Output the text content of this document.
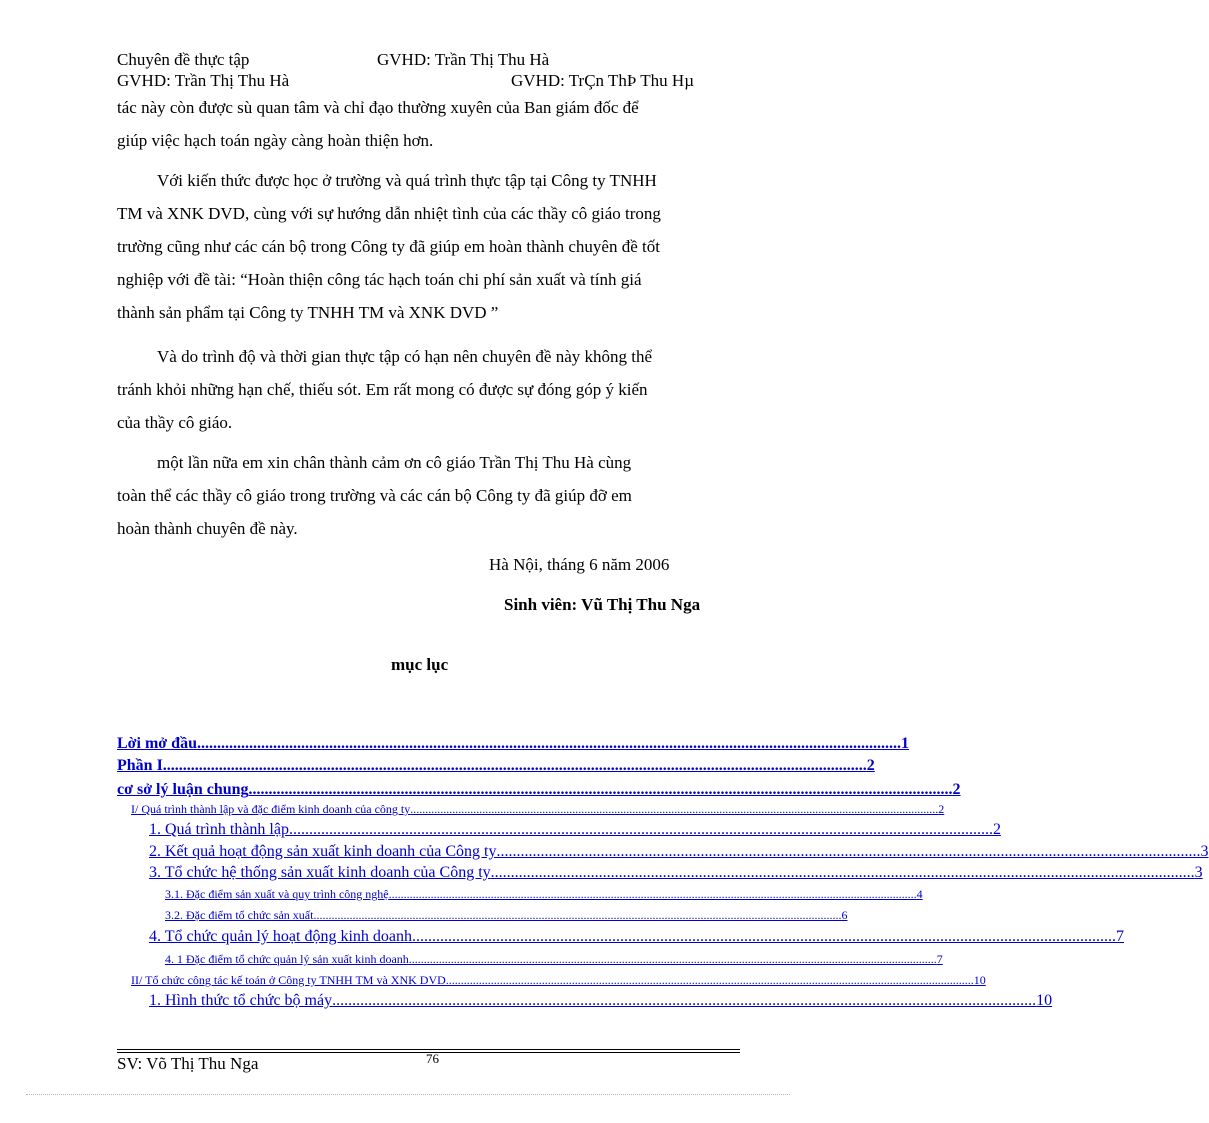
Chuyên đề thực tập	GVHD: Trần Thị Thu Hà
GVHD: Trần Thị Thu Hà	GVHD: TrÇn ThÞ Thu Hµ
tác này còn được sù quan tâm và chỉ đạo thường xuyên của Ban giám đốc để
giúp việc hạch toán ngày càng hoàn thiện hơn.
Với kiến thức được học ở trường và quá trình thực tập tại Công ty TNHH
TM và XNK DVD, cùng với sự hướng dẫn nhiệt tình của các thầy cô giáo trong
trường cũng như các cán bộ trong Công ty đã giúp em hoàn thành chuyên đề tốt
nghiệp với đề tài: “Hoàn thiện công tác hạch toán chi phí sản xuất và tính giá
thành sản phẩm tại Công ty TNHH TM và XNK DVD ”
Và do trình độ và thời gian thực tập có hạn nên chuyên đề này không thể
tránh khỏi những hạn chế, thiếu sót. Em rất mong có được sự đóng góp ý kiến
của thầy cô giáo.
một lần nữa em xin chân thành cảm ơn cô giáo Trần Thị Thu Hà cùng
toàn thể các thầy cô giáo trong trường và các cán bộ Công ty đã giúp đỡ em
hoàn thành chuyên đề này.
Hà Nội, tháng 6 năm 2006
Sinh viên: Vũ Thị Thu Nga
mục lục
Lời mở đầu ................................................................................................................................................................................ 1
Phần I ................................................................................................................................................................................ 2
cơ sở lý luận chung ................................................................................................................................................................................ 2
I/ Quá trình thành lập và đặc điểm kinh doanh của công ty ................................................................................................................................................................................ 2
1. Quá trình thành lập ................................................................................................................................................................................ 2
2. Kết quả hoạt động sản xuất kinh doanh của Công ty ................................................................................................................................................................................ 3
3. Tổ chức hệ thống sản xuất kinh doanh của Công ty ................................................................................................................................................................................ 3
3.1. Đặc điểm sản xuất và quy trình công nghệ ................................................................................................................................................................................ 4
3.2. Đặc điểm tổ chức sản xuất ................................................................................................................................................................................ 6
4. Tổ chức quản lý hoạt động kinh doanh ................................................................................................................................................................................ 7
4. 1 Đặc điểm tổ chức quản lý sản xuất kinh doanh ................................................................................................................................................................................ 7
II/ Tổ chức công tác kế toán ở Công ty TNHH TM và XNK DVD ................................................................................................................................................................................ 10
1. Hình thức tổ chức bộ máy ................................................................................................................................................................................ 10
76
SV: Võ Thị Thu Nga
